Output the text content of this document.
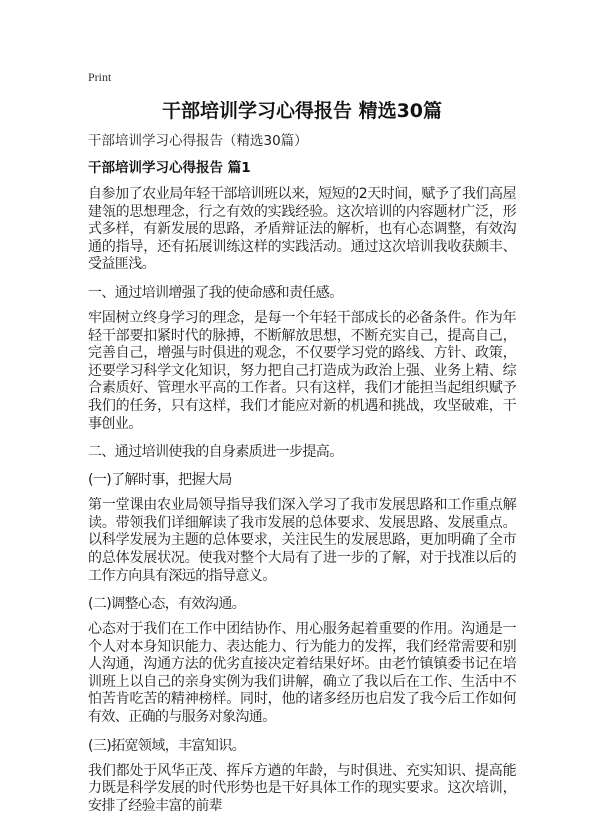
Print
干部培训学习心得报告 精选30篇
干部培训学习心得报告（精选30篇）
干部培训学习心得报告 篇1

自参加了农业局年轻干部培训班以来，短短的2天时间，赋予了我们高屋建瓴的思想理念，行之有效的实践经验。这次培训的内容题材广泛，形式多样，有新发展的思路，矛盾辩证法的解析，也有心态调整，有效沟通的指导，还有拓展训练这样的实践活动。通过这次培训我收获颇丰、受益匪浅。

一、通过培训增强了我的使命感和责任感。

牢固树立终身学习的理念，是每一个年轻干部成长的必备条件。作为年轻干部要扣紧时代的脉搏，不断解放思想，不断充实自己，提高自己，完善自己，增强与时俱进的观念，不仅要学习党的路线、方针、政策，还要学习科学文化知识，努力把自己打造成为政治上强、业务上精、综合素质好、管理水平高的工作者。只有这样，我们才能担当起组织赋予我们的任务，只有这样，我们才能应对新的机遇和挑战，攻坚破难，干事创业。

二、通过培训使我的自身素质进一步提高。

(一)了解时事，把握大局

第一堂课由农业局领导指导我们深入学习了我市发展思路和工作重点解读。带领我们详细解读了我市发展的总体要求、发展思路、发展重点。以科学发展为主题的总体要求，关注民生的发展思路，更加明确了全市的总体发展状况。使我对整个大局有了进一步的了解，对于找准以后的工作方向具有深远的指导意义。

(二)调整心态，有效沟通。

心态对于我们在工作中团结协作、用心服务起着重要的作用。沟通是一个人对本身知识能力、表达能力、行为能力的发挥，我们经常需要和别人沟通，沟通方法的优劣直接决定着结果好坏。由老竹镇镇委书记在培训班上以自己的亲身实例为我们讲解，确立了我以后在工作、生活中不怕苦肯吃苦的精神榜样。同时，他的诸多经历也启发了我今后工作如何有效、正确的与服务对象沟通。

(三)拓宽领域，丰富知识。

我们都处于风华正茂、挥斥方遒的年龄，与时俱进、充实知识、提高能力既是科学发展的时代形势也是干好具体工作的现实要求。这次培训，安排了经验丰富的前辈
